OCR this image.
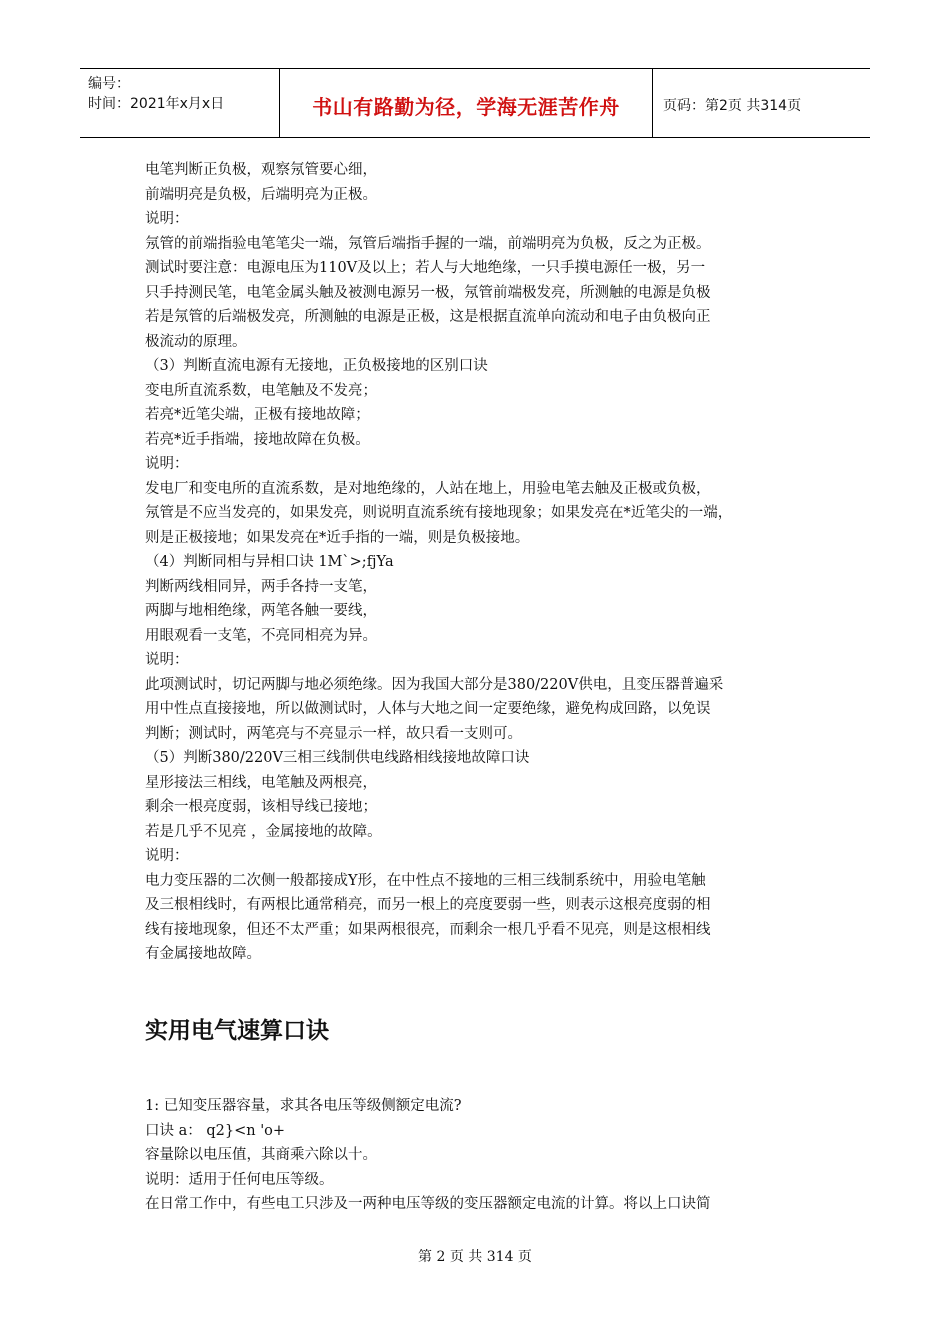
编号：
时间：2021年x月x日	书山有路勤为径，学海无涯苦作舟	页码：第2页 共314页

电笔判断正负极，观察氖管要心细，

前端明亮是负极，后端明亮为正极。

说明：

氖管的前端指验电笔笔尖一端，氖管后端指手握的一端，前端明亮为负极，反之为正极。

测试时要注意：电源电压为110V及以上；若人与大地绝缘，一只手摸电源任一极，另一

只手持测民笔，电笔金属头触及被测电源另一极，氖管前端极发亮，所测触的电源是负极

若是氖管的后端极发亮，所测触的电源是正极，这是根据直流单向流动和电子由负极向正

极流动的原理。

（3）判断直流电源有无接地，正负极接地的区别口诀

变电所直流系数，电笔触及不发亮；

若亮*近笔尖端，正极有接地故障；

若亮*近手指端，接地故障在负极。

说明：

发电厂和变电所的直流系数，是对地绝缘的，人站在地上，用验电笔去触及正极或负极，

氖管是不应当发亮的，如果发亮，则说明直流系统有接地现象；如果发亮在*近笔尖的一端，

则是正极接地；如果发亮在*近手指的一端，则是负极接地。

（4）判断同相与异相口诀 1M`>;fjYa

判断两线相同异，两手各持一支笔，

两脚与地相绝缘，两笔各触一要线，

用眼观看一支笔，不亮同相亮为异。

说明：

此项测试时，切记两脚与地必须绝缘。因为我国大部分是380/220V供电，且变压器普遍采

用中性点直接接地，所以做测试时，人体与大地之间一定要绝缘，避免构成回路，以免误

判断；测试时，两笔亮与不亮显示一样，故只看一支则可。

（5）判断380/220V三相三线制供电线路相线接地故障口诀

星形接法三相线，电笔触及两根亮，

剩余一根亮度弱，该相导线已接地；

若是几乎不见亮 ，金属接地的故障。

说明：

电力变压器的二次侧一般都接成Y形，在中性点不接地的三相三线制系统中，用验电笔触

及三根相线时，有两根比通常稍亮，而另一根上的亮度要弱一些，则表示这根亮度弱的相

线有接地现象，但还不太严重；如果两根很亮，而剩余一根几乎看不见亮，则是这根相线

有金属接地故障。

实用电气速算口诀

1: 已知变压器容量，求其各电压等级侧额定电流?

口诀 a： q2}<n 'o+

容量除以电压值，其商乘六除以十。

说明：适用于任何电压等级。

在日常工作中，有些电工只涉及一两种电压等级的变压器额定电流的计算。将以上口诀简

第 2 页 共 314 页
